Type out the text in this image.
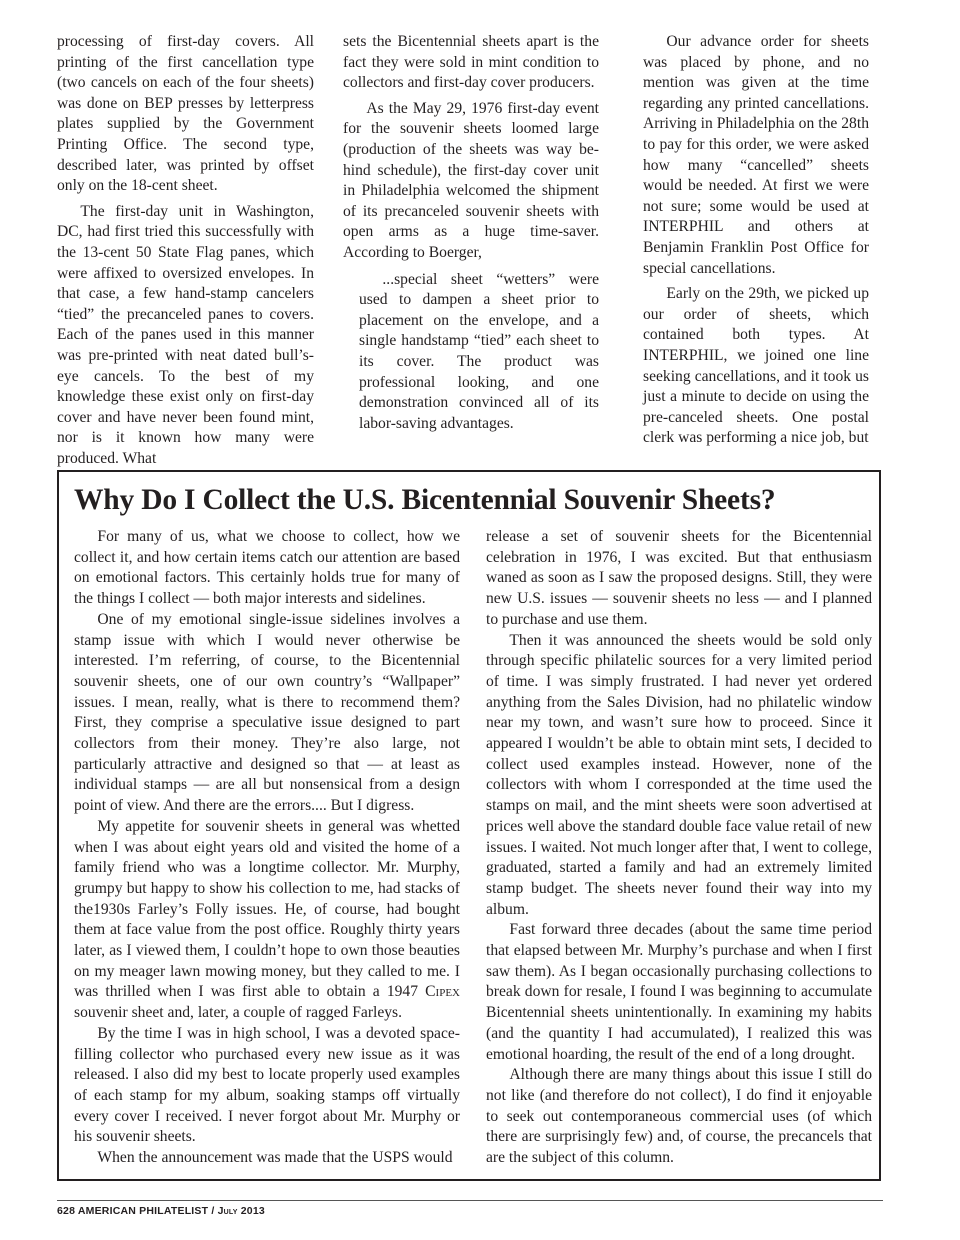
processing of first-day covers. All printing of the first cancellation type (two cancels on each of the four sheets) was done on BEP presses by letterpress plates supplied by the Government Printing Office. The second type, described later, was printed by offset only on the 18-cent sheet.

The first-day unit in Washington, DC, had first tried this successfully with the 13-cent 50 State Flag panes, which were affixed to oversized envelopes. In that case, a few hand-stamp cancelers “tied” the precanceled panes to covers. Each of the panes used in this manner was pre-printed with neat dated bull’s-eye cancels. To the best of my knowledge these exist only on first-day cover and have never been found mint, nor is it known how many were produced. What

sets the Bicentennial sheets apart is the fact they were sold in mint condition to collectors and first-day cover producers.

As the May 29, 1976 first-day event for the souvenir sheets loomed large (production of the sheets was way be-hind schedule), the first-day cover unit in Philadelphia welcomed the shipment of its precanceled souvenir sheets with open arms as a huge time-saver. According to Boerger,

...special sheet “wetters” were used to dampen a sheet prior to placement on the envelope, and a single handstamp “tied” each sheet to its cover. The product was professional looking, and one demonstration convinced all of its labor-saving advantages.

Our advance order for sheets was placed by phone, and no mention was given at the time regarding any printed cancellations. Arriving in Philadelphia on the 28th to pay for this order, we were asked how many “cancelled” sheets would be needed. At first we were not sure; some would be used at INTERPHIL and others at Benjamin Franklin Post Office for special cancellations.

Early on the 29th, we picked up our order of sheets, which contained both types. At INTERPHIL, we joined one line seeking cancellations, and it took us just a minute to decide on using the pre-canceled sheets. One postal clerk was performing a nice job, but

Why Do I Collect the U.S. Bicentennial Souvenir Sheets?

For many of us, what we choose to collect, how we collect it, and how certain items catch our attention are based on emotional factors. This certainly holds true for many of the things I collect — both major interests and sidelines.

One of my emotional single-issue sidelines involves a stamp issue with which I would never otherwise be interested. I’m referring, of course, to the Bicentennial souvenir sheets, one of our own country’s “Wallpaper” issues. I mean, really, what is there to recommend them? First, they comprise a speculative issue designed to part collectors from their money. They’re also large, not particularly attractive and designed so that — at least as individual stamps — are all but nonsensical from a design point of view. And there are the errors.... But I digress.

My appetite for souvenir sheets in general was whetted when I was about eight years old and visited the home of a family friend who was a longtime collector. Mr. Murphy, grumpy but happy to show his collection to me, had stacks of the1930s Farley’s Folly issues. He, of course, had bought them at face value from the post office. Roughly thirty years later, as I viewed them, I couldn’t hope to own those beauties on my meager lawn mowing money, but they called to me. I was thrilled when I was first able to obtain a 1947 Cipex souvenir sheet and, later, a couple of ragged Farleys.

By the time I was in high school, I was a devoted space-filling collector who purchased every new issue as it was released. I also did my best to locate properly used examples of each stamp for my album, soaking stamps off virtually every cover I received. I never forgot about Mr. Murphy or his souvenir sheets.

When the announcement was made that the USPS would

release a set of souvenir sheets for the Bicentennial celebration in 1976, I was excited. But that enthusiasm waned as soon as I saw the proposed designs. Still, they were new U.S. issues — souvenir sheets no less — and I planned to purchase and use them.

Then it was announced the sheets would be sold only through specific philatelic sources for a very limited period of time. I was simply frustrated. I had never yet ordered anything from the Sales Division, had no philatelic window near my town, and wasn’t sure how to proceed. Since it appeared I wouldn’t be able to obtain mint sets, I decided to collect used examples instead. However, none of the collectors with whom I corresponded at the time used the stamps on mail, and the mint sheets were soon advertised at prices well above the standard double face value retail of new issues. I waited. Not much longer after that, I went to college, graduated, started a family and had an extremely limited stamp budget. The sheets never found their way into my album.

Fast forward three decades (about the same time period that elapsed between Mr. Murphy’s purchase and when I first saw them). As I began occasionally purchasing collections to break down for resale, I found I was beginning to accumulate Bicentennial sheets unintentionally. In examining my habits (and the quantity I had accumulated), I realized this was emotional hoarding, the result of the end of a long drought.

Although there are many things about this issue I still do not like (and therefore do not collect), I do find it enjoyable to seek out contemporaneous commercial uses (of which there are surprisingly few) and, of course, the precancels that are the subject of this column.

628 AMERICAN PHILATELIST / July 2013
